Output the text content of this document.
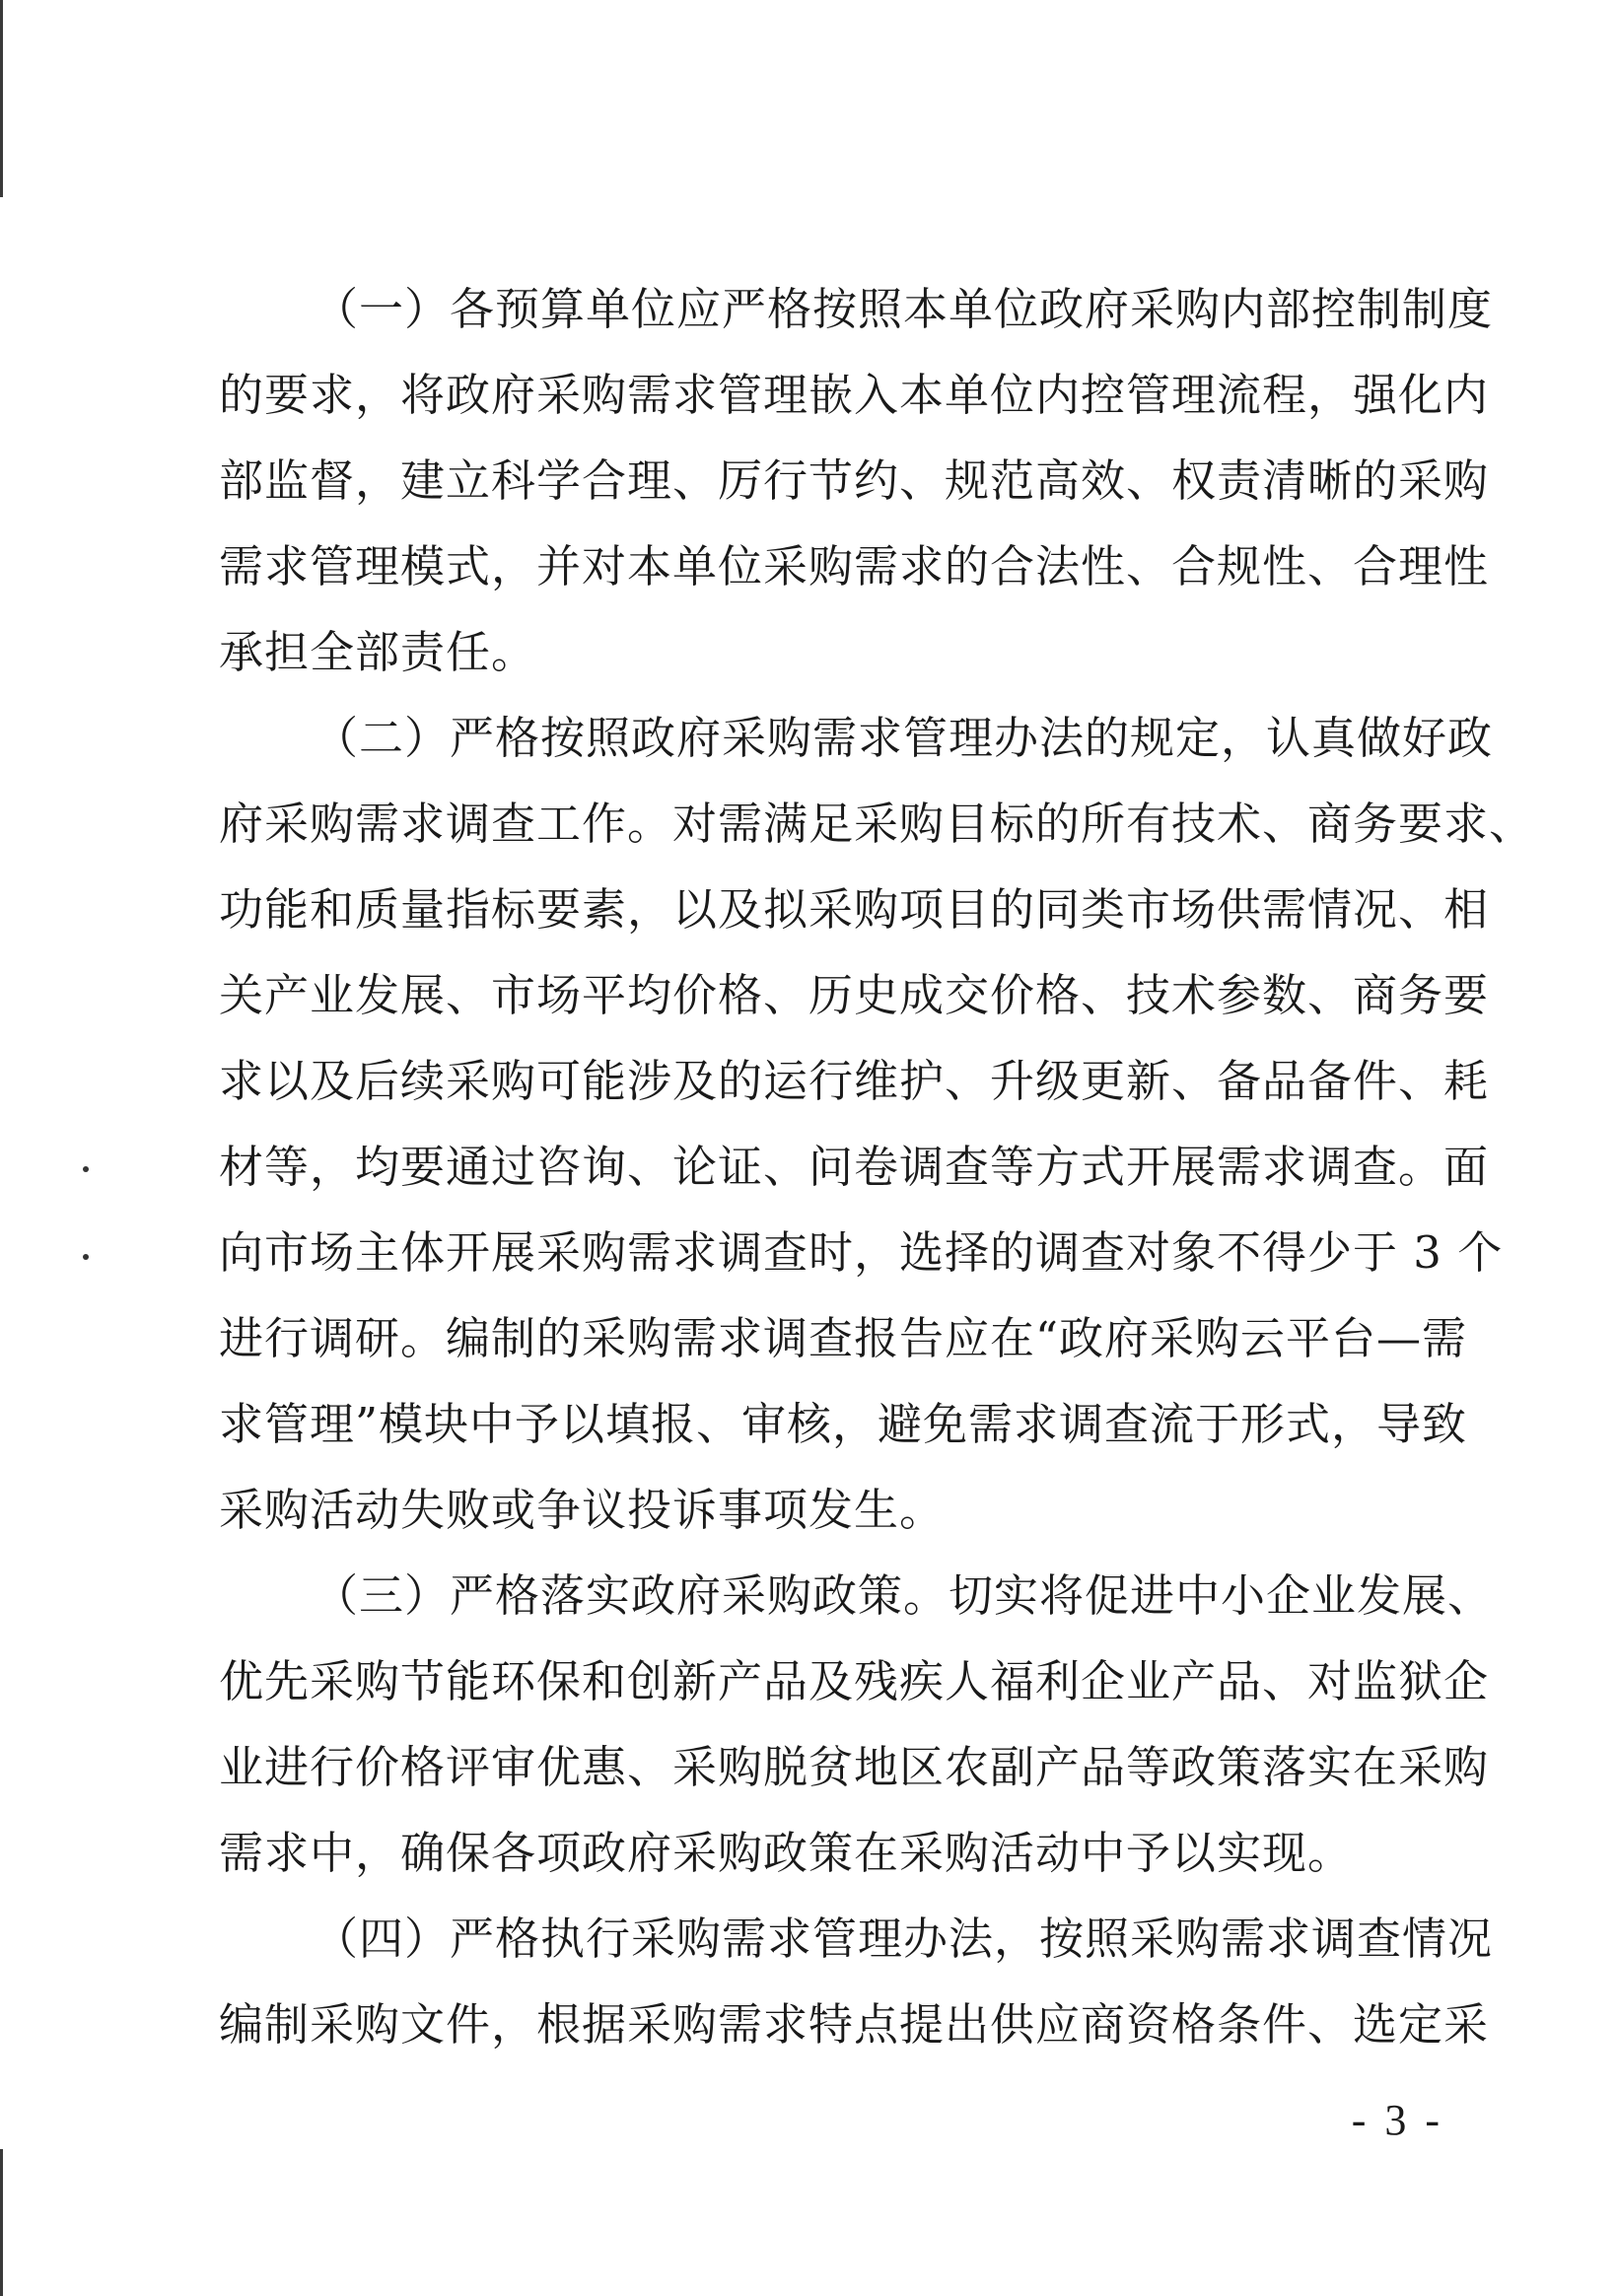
（一）各预算单位应严格按照本单位政府采购内部控制制度
的要求，将政府采购需求管理嵌入本单位内控管理流程，强化内
部监督，建立科学合理、厉行节约、规范高效、权责清晰的采购
需求管理模式，并对本单位采购需求的合法性、合规性、合理性
承担全部责任。
（二）严格按照政府采购需求管理办法的规定，认真做好政
府采购需求调查工作。对需满足采购目标的所有技术、商务要求、
功能和质量指标要素，以及拟采购项目的同类市场供需情况、相
关产业发展、市场平均价格、历史成交价格、技术参数、商务要
求以及后续采购可能涉及的运行维护、升级更新、备品备件、耗
材等，均要通过咨询、论证、问卷调查等方式开展需求调查。面
向市场主体开展采购需求调查时，选择的调查对象不得少于 3 个
进行调研。编制的采购需求调查报告应在“政府采购云平台—需
求管理”模块中予以填报、审核，避免需求调查流于形式，导致
采购活动失败或争议投诉事项发生。
（三）严格落实政府采购政策。切实将促进中小企业发展、
优先采购节能环保和创新产品及残疾人福利企业产品、对监狱企
业进行价格评审优惠、采购脱贫地区农副产品等政策落实在采购
需求中，确保各项政府采购政策在采购活动中予以实现。
（四）严格执行采购需求管理办法，按照采购需求调查情况
编制采购文件，根据采购需求特点提出供应商资格条件、选定采
- 3 -
